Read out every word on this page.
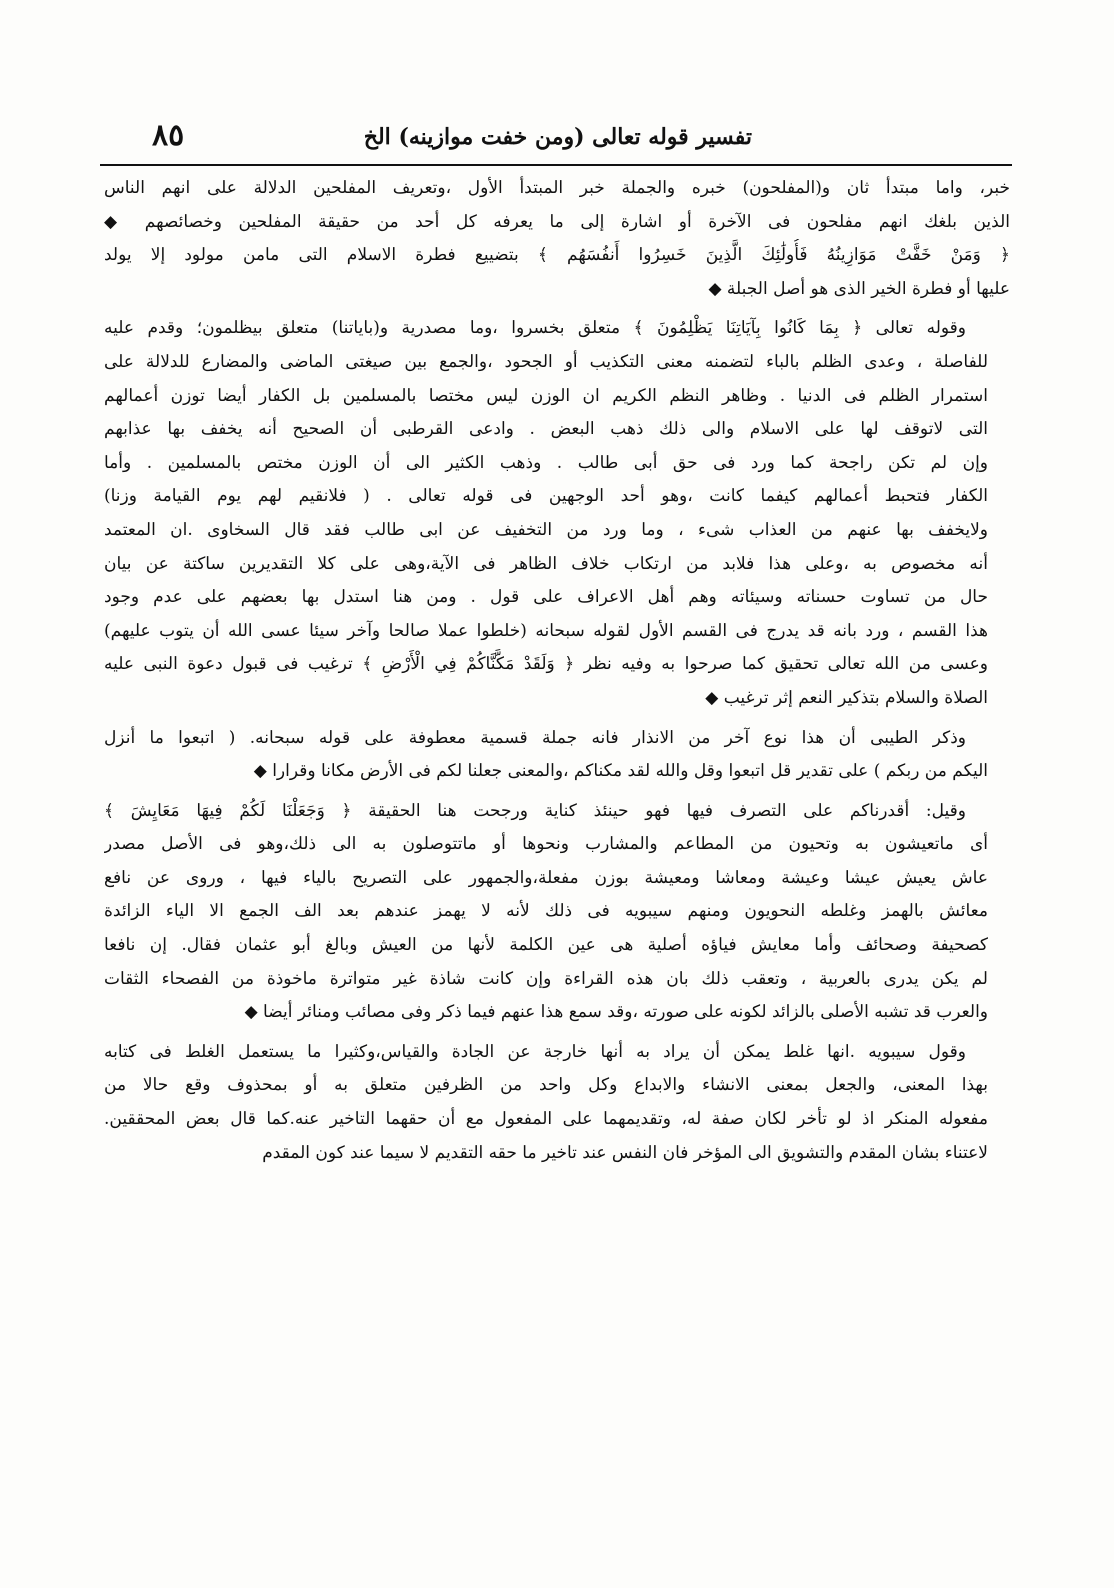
تفسير قوله تعالى (ومن خفت موازينه) الخ
٨٥
خبر، واما مبتدأ ثان و(المفلحون) خبره والجملة خبر المبتدأ الأول ،وتعريف المفلحين الدلالة على انهم الناس
الذين بلغك انهم مفلحون فى الآخرة أو اشارة إلى ما يعرفه كل أحد من حقيقة المفلحين وخصائصهم ◆
﴿ وَمَنْ خَفَّتْ مَوَازِينُهُ فَأُولَٰئِكَ الَّذِينَ خَسِرُوا أَنفُسَهُم ﴾ بتضييع فطرة الاسلام التى مامن مولود إلا يولد
عليها أو فطرة الخير الذى هو أصل الجبلة ◆
وقوله تعالى ﴿ بِمَا كَانُوا بِآيَاتِنَا يَظْلِمُونَ ﴾ متعلق بخسروا ،وما مصدرية و(باياتنا) متعلق بيظلمون؛ وقدم عليه
للفاصلة ، وعدى الظلم بالباء لتضمنه معنى التكذيب أو الجحود ،والجمع بين صيغتى الماضى والمضارع للدلالة على
استمرار الظلم فى الدنيا . وظاهر النظم الكريم ان الوزن ليس مختصا بالمسلمين بل الكفار أيضا توزن أعمالهم
التى لاتوقف لها على الاسلام والى ذلك ذهب البعض . وادعى القرطبى أن الصحيح أنه يخفف بها عذابهم
وإن لم تكن راجحة كما ورد فى حق أبى طالب . وذهب الكثير الى أن الوزن مختص بالمسلمين . وأما
الكفار فتحبط أعمالهم كيفما كانت ،وهو أحد الوجهين فى قوله تعالى . ( فلانقيم لهم يوم القيامة وزنا)
ولايخفف بها عنهم من العذاب شىء ، وما ورد من التخفيف عن ابى طالب فقد قال السخاوى .ان المعتمد
أنه مخصوص به ،وعلى هذا فلابد من ارتكاب خلاف الظاهر فى الآية،وهى على كلا التقديرين ساكتة عن بيان
حال من تساوت حسناته وسيئاته وهم أهل الاعراف على قول . ومن هنا استدل بها بعضهم على عدم وجود
هذا القسم ، ورد بانه قد يدرج فى القسم الأول لقوله سبحانه (خلطوا عملا صالحا وآخر سيئا عسى الله أن يتوب عليهم)
وعسى من الله تعالى تحقيق كما صرحوا به وفيه نظر ﴿ وَلَقَدْ مَكَّنَّاكُمْ فِي الْأَرْضِ ﴾ ترغيب فى قبول دعوة النبى عليه
الصلاة والسلام بتذكير النعم إثر ترغيب ◆
وذكر الطيبى أن هذا نوع آخر من الانذار فانه جملة قسمية معطوفة على قوله سبحانه. ( اتبعوا ما أنزل
اليكم من ربكم ) على تقدير قل اتبعوا وقل والله لقد مكناكم ،والمعنى جعلنا لكم فى الأرض مكانا وقرارا ◆
وقيل: أقدرناكم على التصرف فيها فهو حينئذ كناية ورجحت هنا الحقيقة ﴿ وَجَعَلْنَا لَكُمْ فِيهَا مَعَايِشَ ﴾
أى ماتعيشون به وتحيون من المطاعم والمشارب ونحوها أو ماتتوصلون به الى ذلك،وهو فى الأصل مصدر
عاش يعيش عيشا وعيشة ومعاشا ومعيشة بوزن مفعلة،والجمهور على التصريح بالياء فيها ، وروى عن نافع
معائش بالهمز وغلطه النحويون ومنهم سيبويه فى ذلك لأنه لا يهمز عندهم بعد الف الجمع الا الياء الزائدة
كصحيفة وصحائف وأما معايش فياؤه أصلية هى عين الكلمة لأنها من العيش وبالغ أبو عثمان فقال. إن نافعا
لم يكن يدرى بالعربية ، وتعقب ذلك بان هذه القراءة وإن كانت شاذة غير متواترة ماخوذة من الفصحاء الثقات
والعرب قد تشبه الأصلى بالزائد لكونه على صورته ،وقد سمع هذا عنهم فيما ذكر وفى مصائب ومنائر أيضا ◆
وقول سيبويه .انها غلط يمكن أن يراد به أنها خارجة عن الجادة والقياس،وكثيرا ما يستعمل الغلط فى كتابه
بهذا المعنى، والجعل بمعنى الانشاء والابداع وكل واحد من الظرفين متعلق به أو بمحذوف وقع حالا من
مفعوله المنكر اذ لو تأخر لكان صفة له، وتقديمهما على المفعول مع أن حقهما التاخير عنه.كما قال بعض المحققين.
لاعتناء بشان المقدم والتشويق الى المؤخر فان النفس عند تاخير ما حقه التقديم لا سيما عند كون المقدم
